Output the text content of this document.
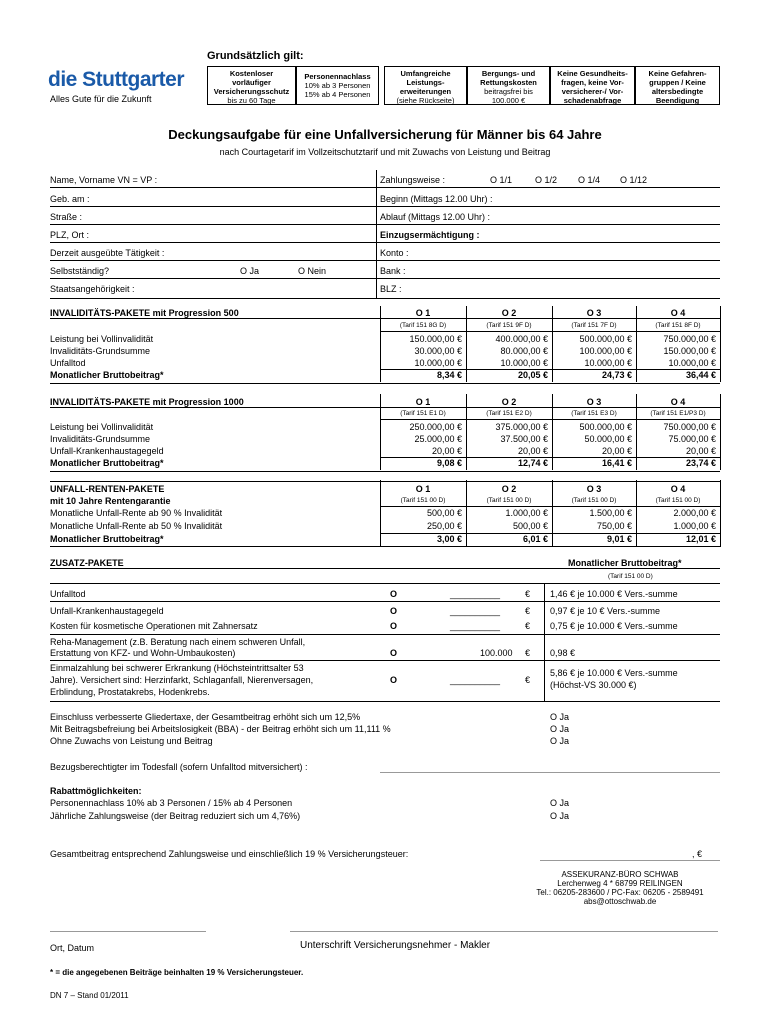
die Stuttgarter
Alles Gute für die Zukunft
Grundsätzlich gilt:
Kostenloser
vorläufiger
Versicherungsschutz
bis zu 60 Tage
Personennachlass
10% ab 3 Personen
15% ab 4 Personen
Umfangreiche
Leistungs-
erweiterungen
(siehe Rückseite)
Bergungs- und
Rettungskosten
beitragsfrei bis
100.000 €
Keine Gesundheits-
fragen, keine Vor-
versicherer-/ Vor-
schadenabfrage
Keine Gefahren-
gruppen / Keine
altersbedingte
Beendigung
Deckungsaufgabe für eine Unfallversicherung für Männer bis 64 Jahre
nach Courtagetarif im Vollzeitschutztarif und mit Zuwachs von Leistung und Beitrag
Name, Vorname VN = VP :	Zahlungsweise :	O 1/1	O 1/2 O 1/4 O 1/12
Geb. am :	Beginn (Mittags 12.00 Uhr) :
Straße :	Ablauf (Mittags 12.00 Uhr) :
PLZ, Ort :	Einzugsermächtigung :
Derzeit ausgeübte Tätigkeit :	Konto :
Selbstständig?	O Ja	O Nein	Bank :
Staatsangehörigkeit :	BLZ :
INVALIDITÄTS-PAKETE mit Progression 500	O 1	O 2	O 3	O 4
(Tarif 151 8G D)	(Tarif 151 9F D)	(Tarif 151 7F D)	(Tarif 151 8F D)
Leistung bei Vollinvalidität	150.000,00 €	400.000,00 €	500.000,00 €	750.000,00 €
Invaliditäts-Grundsumme	30.000,00 €	80.000,00 €	100.000,00 €	150.000,00 €
Unfalltod	10.000,00 €	10.000,00 €	10.000,00 €	10.000,00 €
Monatlicher Bruttobeitrag*	8,34 €	20,05 €	24,73 €	36,44 €
INVALIDITÄTS-PAKETE mit Progression 1000	O 1	O 2	O 3	O 4
(Tarif 151 E1 D)	(Tarif 151 E2 D)	(Tarif 151 E3 D)	(Tarif 151 E1/P3 D)
Leistung bei Vollinvalidität	250.000,00 €	375.000,00 €	500.000,00 €	750.000,00 €
Invaliditäts-Grundsumme	25.000,00 €	37.500,00 €	50.000,00 €	75.000,00 €
Unfall-Krankenhaustagegeld	20,00 €	20,00 €	20,00 €	20,00 €
Monatlicher Bruttobeitrag*	9,08 €	12,74 €	16,41 €	23,74 €
UNFALL-RENTEN-PAKETE
mit 10 Jahre Rentengarantie
O 1	O 2	O 3	O 4
(Tarif 151 00 D)	(Tarif 151 00 D)	(Tarif 151 00 D)	(Tarif 151 00 D)
Monatliche Unfall-Rente ab 90 % Invalidität	500,00 €	1.000,00 €	1.500,00 €	2.000,00 €
Monatliche Unfall-Rente ab 50 % Invalidität	250,00 €	500,00 €	750,00 €	1.000,00 €
Monatlicher Bruttobeitrag*	3,00 €	6,01 €	9,01 €	12,01 €
ZUSATZ-PAKETE	Monatlicher Bruttobeitrag*
(Tarif 151 00 D)
Unfalltod	O	__________	€ 1,46 € je 10.000 € Vers.-summe
Unfall-Krankenhaustagegeld	O	__________	€ 0,97 € je 10 € Vers.-summe
Kosten für kosmetische Operationen mit Zahnersatz	O	__________	€ 0,75 € je 10.000 € Vers.-summe
Reha-Management (z.B. Beratung nach einem schweren Unfall,
Erstattung von KFZ- und Wohn-Umbaukosten)	O	100.000 € 0,98 €
Einmalzahlung bei schwerer Erkrankung (Höchsteintrittsalter 53
Jahre). Versichert sind: Herzinfarkt, Schlaganfall, Nierenversagen,
Erblindung, Prostatakrebs, Hodenkrebs.
O	__________	€
5,86 € je 10.000 € Vers.-summe
(Höchst-VS 30.000 €)
Einschluss verbesserte Gliedertaxe, der Gesamtbeitrag erhöht sich um 12,5%	O Ja
Mit Beitragsbefreiung bei Arbeitslosigkeit (BBA) - der Beitrag erhöht sich um 11,111 %	O Ja
Ohne Zuwachs von Leistung und Beitrag	O Ja
Bezugsberechtigter im Todesfall (sofern Unfalltod mitversichert) :
Rabattmöglichkeiten:
Personennachlass 10% ab 3 Personen / 15% ab 4 Personen	O Ja
Jährliche Zahlungsweise (der Beitrag reduziert sich um 4,76%)	O Ja
Gesamtbeitrag entsprechend Zahlungsweise und einschließlich 19 % Versicherungsteuer:	, €
ASSEKURANZ-BÜRO SCHWAB
Lerchenweg 4 * 68799 REILINGEN
Tel.: 06205-283600 / PC-Fax: 06205 - 2589491
abs@ottoschwab.de
Ort, Datum	Unterschrift Versicherungsnehmer - Makler
* = die angegebenen Beiträge beinhalten 19 % Versicherungsteuer.
DN 7 – Stand 01/2011
